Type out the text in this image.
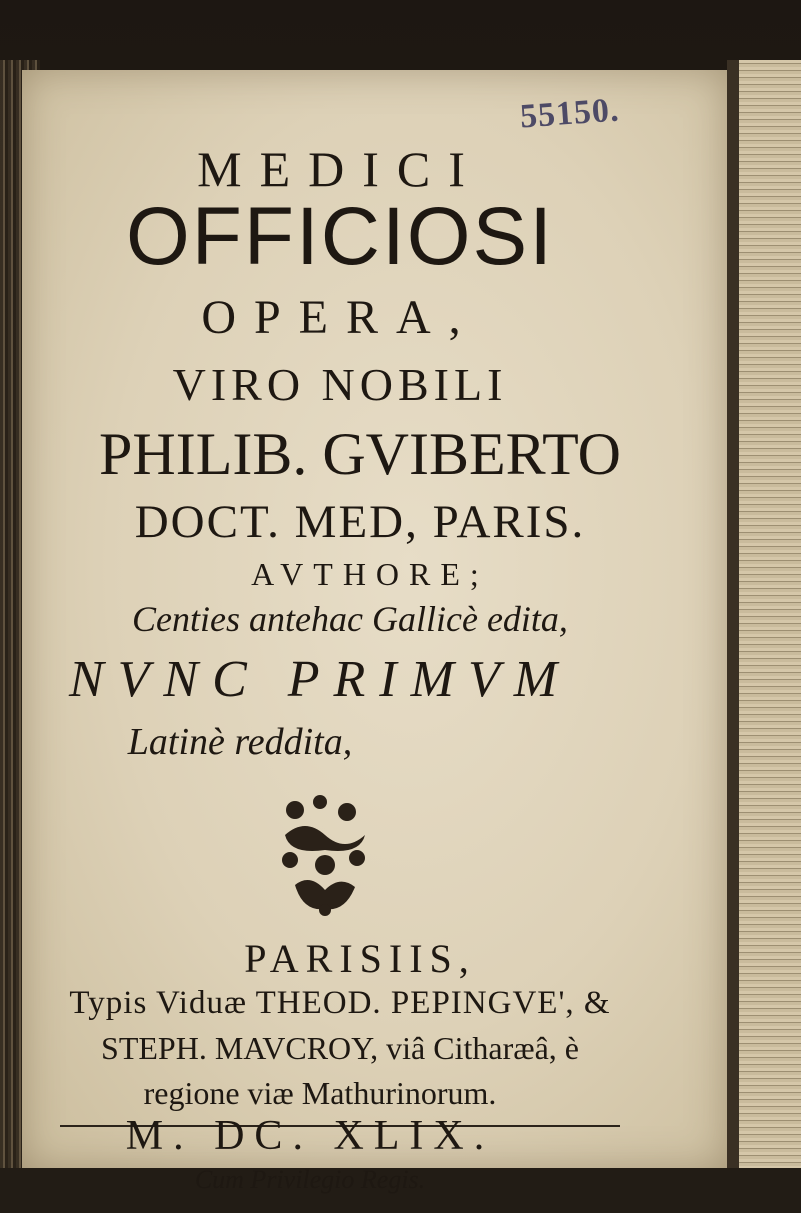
55150.
MEDICI
OFFICIOSI
OPERA,
VIRO NOBILI
PHILIB. GVIBERTO
DOCT. MED, PARIS.
AVTHORE;
Centies antehac Gallicè edita,
NVNC PRIMVM
Latinè reddita,
PARISIIS,
Typis Viduæ THEOD. PEPINGVE', &
STEPH. MAVCROY, viâ Citharæâ, è
regione viæ Mathurinorum.
M. DC. XLIX.
Cum Privilegio Regis.
